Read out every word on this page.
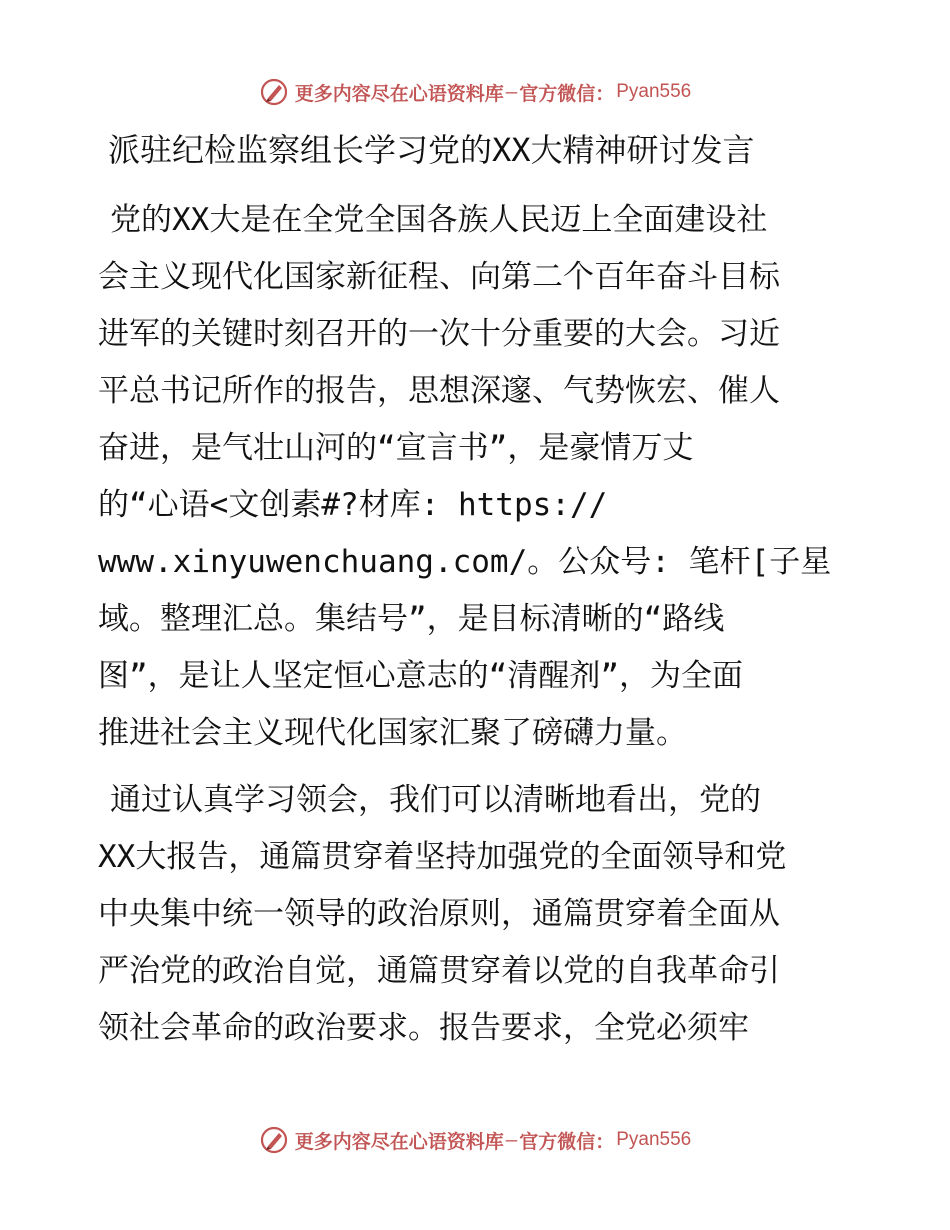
更多内容尽在心语资料库 — 官方微信： Pyan556
派驻纪检监察组长学习党的XX大精神研讨发言
党的XX大是在全党全国各族人民迈上全面建设社
会主义现代化国家新征程、向第二个百年奋斗目标
进军的关键时刻召开的一次十分重要的大会。习近
平总书记所作的报告，思想深邃、气势恢宏、催人
奋进，是气壮山河的“宣言书”，是豪情万丈
的“心语<文创素#?材库: https://
www.xinyuwenchuang.com/。公众号: 笔杆[子星
域。整理汇总。集结号”，是目标清晰的“路线
图”，是让人坚定恒心意志的“清醒剂”，为全面
推进社会主义现代化国家汇聚了磅礴力量。
通过认真学习领会，我们可以清晰地看出，党的
XX大报告，通篇贯穿着坚持加强党的全面领导和党
中央集中统一领导的政治原则，通篇贯穿着全面从
严治党的政治自觉，通篇贯穿着以党的自我革命引
领社会革命的政治要求。报告要求，全党必须牢
更多内容尽在心语资料库 — 官方微信： Pyan556
